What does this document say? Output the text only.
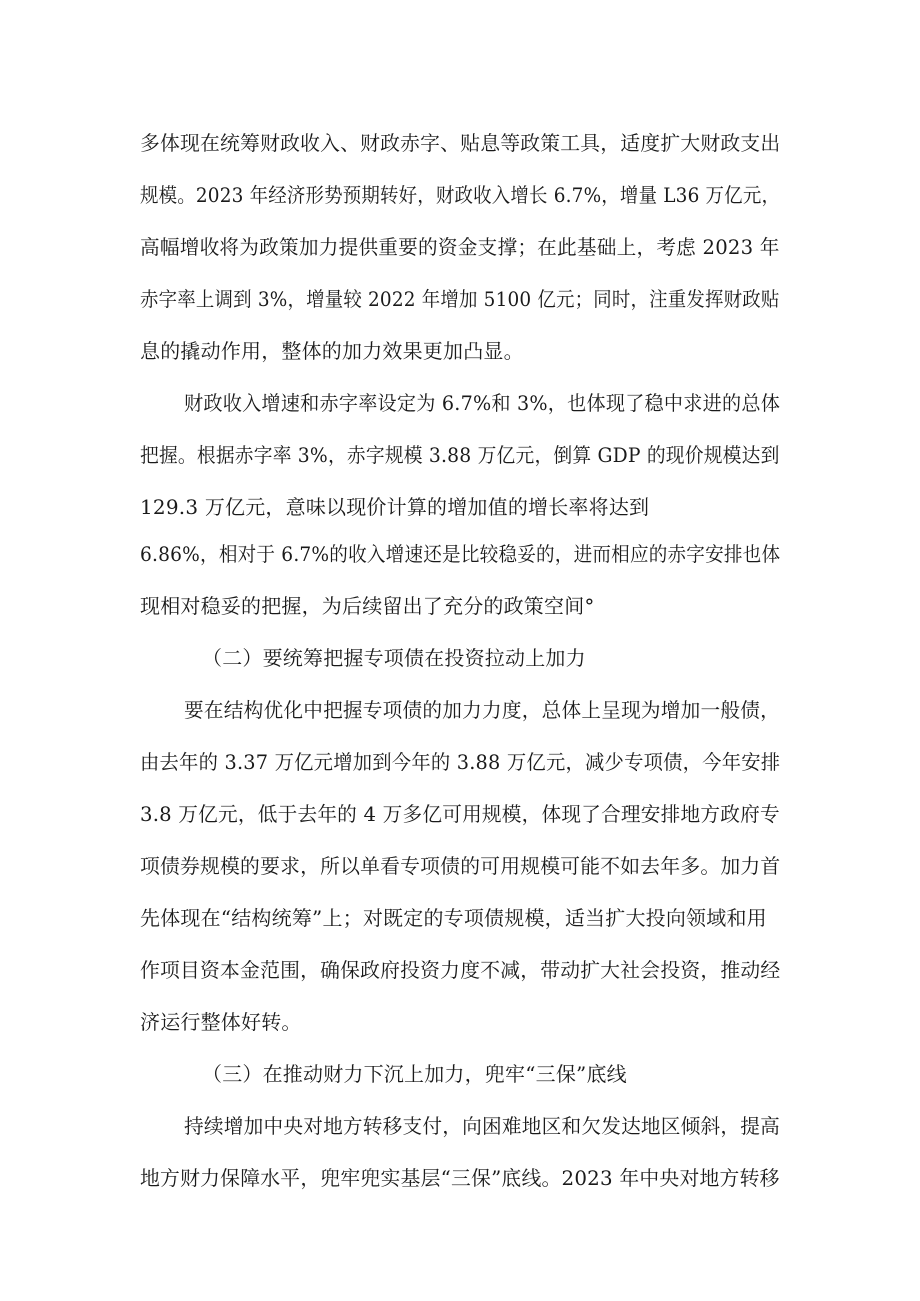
多体现在统筹财政收入、财政赤字、贴息等政策工具，适度扩大财政支出
规模。2023 年经济形势预期转好，财政收入增长 6.7%，增量 L36 万亿元，
高幅增收将为政策加力提供重要的资金支撑；在此基础上，考虑 2023 年
赤字率上调到 3%，增量较 2022 年增加 5100 亿元；同时，注重发挥财政贴
息的撬动作用，整体的加力效果更加凸显。
财政收入增速和赤字率设定为 6.7%和 3%，也体现了稳中求进的总体
把握。根据赤字率 3%，赤字规模 3.88 万亿元，倒算 GDP 的现价规模达到
129.3 万亿元，意味以现价计算的增加值的增长率将达到
6.86%，相对于 6.7%的收入增速还是比较稳妥的，进而相应的赤字安排也体
现相对稳妥的把握，为后续留出了充分的政策空间°
（二）要统筹把握专项债在投资拉动上加力
要在结构优化中把握专项债的加力力度，总体上呈现为增加一般债，
由去年的 3.37 万亿元增加到今年的 3.88 万亿元，减少专项债，今年安排
3.8 万亿元，低于去年的 4 万多亿可用规模，体现了合理安排地方政府专
项债券规模的要求，所以单看专项债的可用规模可能不如去年多。加力首
先体现在“结构统筹”上；对既定的专项债规模，适当扩大投向领域和用
作项目资本金范围，确保政府投资力度不减，带动扩大社会投资，推动经
济运行整体好转。
（三）在推动财力下沉上加力，兜牢“三保”底线
持续增加中央对地方转移支付，向困难地区和欠发达地区倾斜，提高
地方财力保障水平，兜牢兜实基层“三保”底线。2023 年中央对地方转移
